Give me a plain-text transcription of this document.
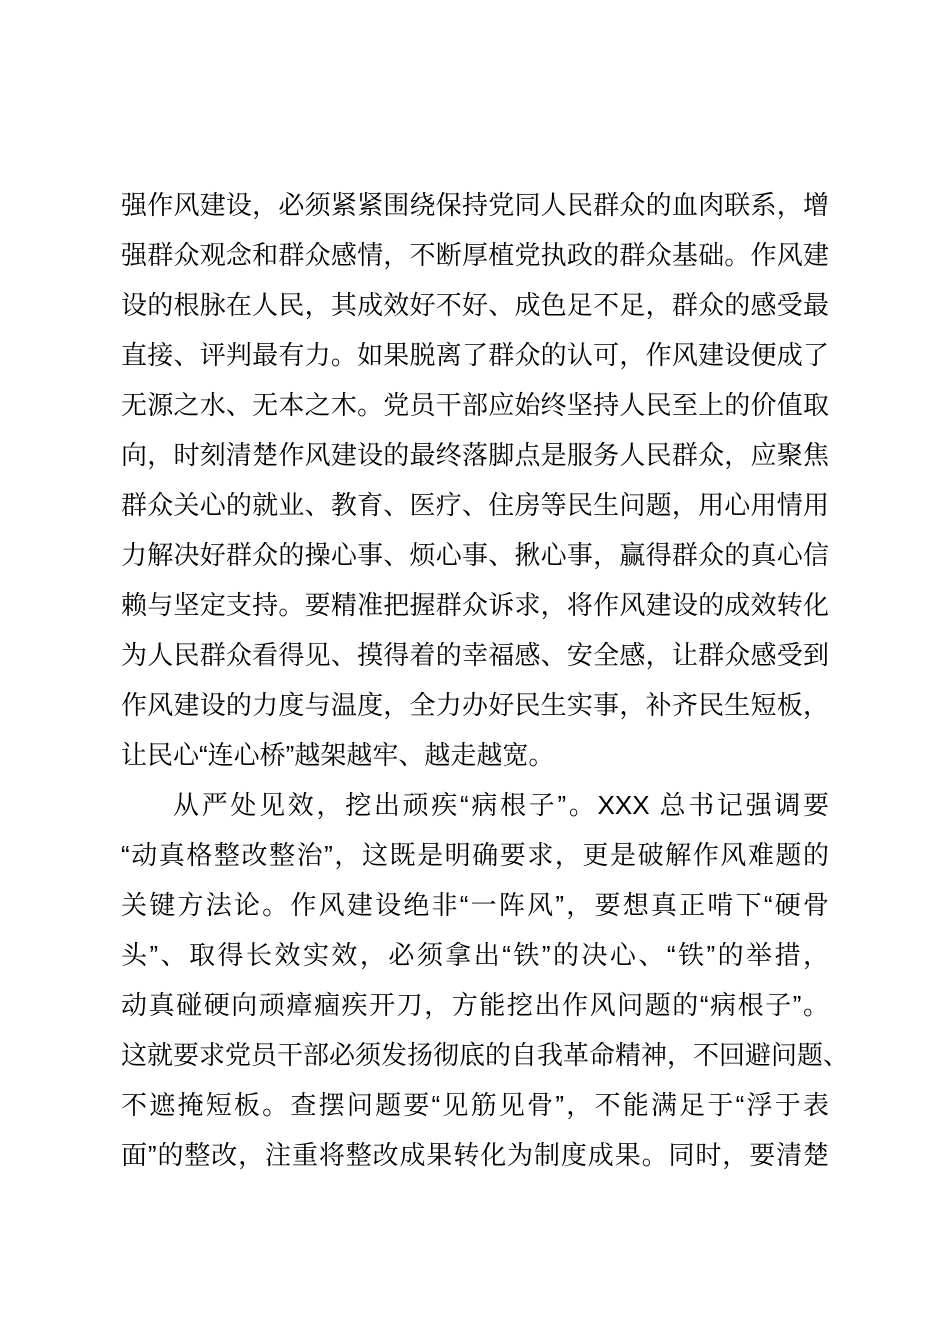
强作风建设，必须紧紧围绕保持党同人民群众的血肉联系，增
强群众观念和群众感情，不断厚植党执政的群众基础。作风建
设的根脉在人民，其成效好不好、成色足不足，群众的感受最
直接、评判最有力。如果脱离了群众的认可，作风建设便成了
无源之水、无本之木。党员干部应始终坚持人民至上的价值取
向，时刻清楚作风建设的最终落脚点是服务人民群众，应聚焦
群众关心的就业、教育、医疗、住房等民生问题，用心用情用
力解决好群众的操心事、烦心事、揪心事，赢得群众的真心信
赖与坚定支持。要精准把握群众诉求，将作风建设的成效转化
为人民群众看得见、摸得着的幸福感、安全感，让群众感受到
作风建设的力度与温度，全力办好民生实事，补齐民生短板，
让民心“连心桥”越架越牢、越走越宽。
从严处见效，挖出顽疾“病根子”。XXX 总书记强调要
“动真格整改整治”，这既是明确要求，更是破解作风难题的
关键方法论。作风建设绝非“一阵风”，要想真正啃下“硬骨
头”、取得长效实效，必须拿出“铁”的决心、“铁”的举措，
动真碰硬向顽瘴痼疾开刀，方能挖出作风问题的“病根子”。
这就要求党员干部必须发扬彻底的自我革命精神，不回避问题、
不遮掩短板。查摆问题要“见筋见骨”，不能满足于“浮于表
面”的整改，注重将整改成果转化为制度成果。同时，要清楚
